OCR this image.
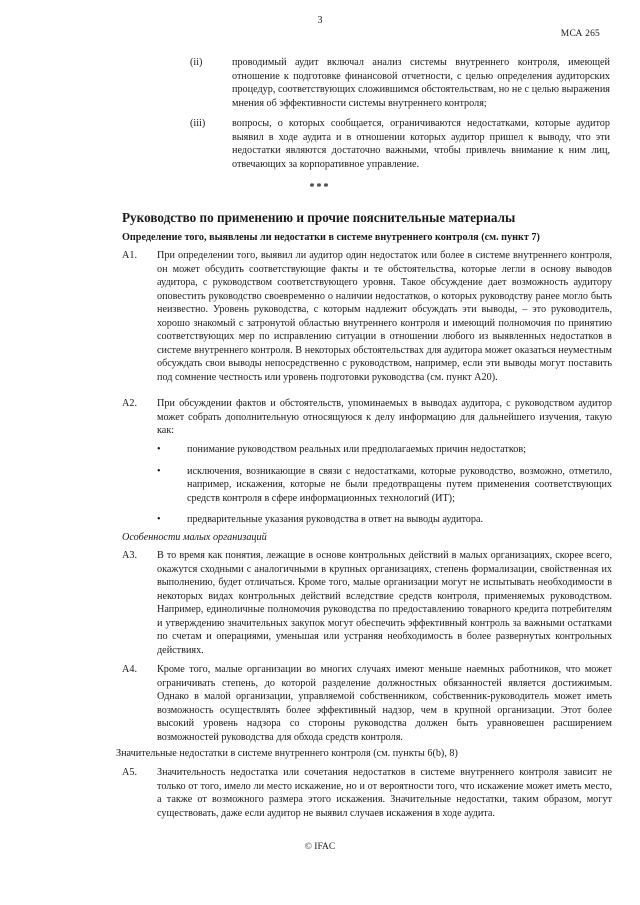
3
МСА 265
(ii)	проводимый аудит включал анализ системы внутреннего контроля, имеющей отношение к подготовке финансовой отчетности, с целью определения аудиторских процедур, соответствующих сложившимся обстоятельствам, но не с целью выражения мнения об эффективности системы внутреннего контроля;
(iii)	вопросы, о которых сообщается, ограничиваются недостатками, которые аудитор выявил в ходе аудита и в отношении которых аудитор пришел к выводу, что эти недостатки являются достаточно важными, чтобы привлечь внимание к ним лиц, отвечающих за корпоративное управление.
***
Руководство по применению и прочие пояснительные материалы
Определение того, выявлены ли недостатки в системе внутреннего контроля (см. пункт 7)
А1.	При определении того, выявил ли аудитор один недостаток или более в системе внутреннего контроля, он может обсудить соответствующие факты и те обстоятельства, которые легли в основу выводов аудитора, с руководством соответствующего уровня. Такое обсуждение дает возможность аудитору оповестить руководство своевременно о наличии недостатков, о которых руководству ранее могло быть неизвестно. Уровень руководства, с которым надлежит обсуждать эти выводы, – это руководитель, хорошо знакомый с затронутой областью внутреннего контроля и имеющий полномочия по принятию соответствующих мер по исправлению ситуации в отношении любого из выявленных недостатков в системе внутреннего контроля. В некоторых обстоятельствах для аудитора может оказаться неуместным обсуждать свои выводы непосредственно с руководством, например, если эти выводы могут поставить под сомнение честность или уровень подготовки руководства (см. пункт А20).
А2.	При обсуждении фактов и обстоятельств, упоминаемых в выводах аудитора, с руководством аудитор может собрать дополнительную относящуюся к делу информацию для дальнейшего изучения, такую как:
•	понимание руководством реальных или предполагаемых причин недостатков;
•	исключения, возникающие в связи с недостатками, которые руководство, возможно, отметило, например, искажения, которые не были предотвращены путем применения соответствующих средств контроля в сфере информационных технологий (ИТ);
•	предварительные указания руководства в ответ на выводы аудитора.
Особенности малых организаций
А3.	В то время как понятия, лежащие в основе контрольных действий в малых организациях, скорее всего, окажутся сходными с аналогичными в крупных организациях, степень формализации, свойственная их выполнению, будет отличаться. Кроме того, малые организации могут не испытывать необходимости в некоторых видах контрольных действий вследствие средств контроля, применяемых руководством. Например, единоличные полномочия руководства по предоставлению товарного кредита потребителям и утверждению значительных закупок могут обеспечить эффективный контроль за важными остатками по счетам и операциями, уменьшая или устраняя необходимость в более развернутых контрольных действиях.
А4.	Кроме того, малые организации во многих случаях имеют меньше наемных работников, что может ограничивать степень, до которой разделение должностных обязанностей является достижимым. Однако в малой организации, управляемой собственником, собственник-руководитель может иметь возможность осуществлять более эффективный надзор, чем в крупной организации. Этот более высокий уровень надзора со стороны руководства должен быть уравновешен расширением возможностей руководства для обхода средств контроля.
Значительные недостатки в системе внутреннего контроля (см. пункты 6(b), 8)
А5.	Значительность недостатка или сочетания недостатков в системе внутреннего контроля зависит не только от того, имело ли место искажение, но и от вероятности того, что искажение может иметь место, а также от возможного размера этого искажения. Значительные недостатки, таким образом, могут существовать, даже если аудитор не выявил случаев искажения в ходе аудита.
© IFAC
